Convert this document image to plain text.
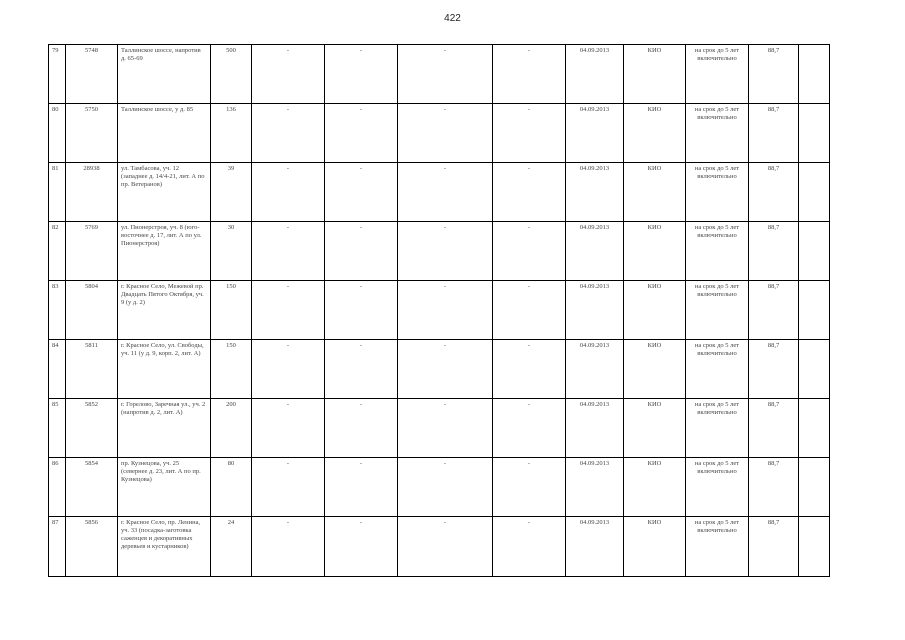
422
79	5748	Таллинское шоссе, напротив д. 65-69	500	-	-	-	-	04.09.2013	КИО	на срок до 5 лет включительно	88,7	
80	5750	Таллинское шоссе, у д. 85	136	-	-	-	-	04.09.2013	КИО	на срок до 5 лет включительно	88,7	
81	28938	ул. Тамбасова, уч. 12 (западнее д. 14/4-21, лит. А по пр. Ветеранов)	39	-	-	-	-	04.09.2013	КИО	на срок до 5 лет включительно	88,7	
82	5769	ул. Пионерстроя, уч. 8 (юго-восточнее д. 17, лит. А по ул. Пионерстроя)	30	-	-	-	-	04.09.2013	КИО	на срок до 5 лет включительно	88,7	
83	5804	г. Красное Село, Межевой пр. Двадцать Пятого Октября, уч. 9 (у д. 2)	150	-	-	-	-	04.09.2013	КИО	на срок до 5 лет включительно	88,7	
84	5811	г. Красное Село, ул. Свободы, уч. 11 (у д. 9, корп. 2, лит. А)	150	-	-	-	-	04.09.2013	КИО	на срок до 5 лет включительно	88,7	
85	5852	г. Горелово, Заречная ул., уч. 2 (напротив д. 2, лит. А)	200	-	-	-	-	04.09.2013	КИО	на срок до 5 лет включительно	88,7	
86	5854	пр. Кузнецова, уч. 25 (севернее д. 23, лит. А по пр. Кузнецова)	80	-	-	-	-	04.09.2013	КИО	на срок до 5 лет включительно	88,7	
87	5856	г. Красное Село, пр. Ленина, уч. 33 (посадка-заготовка саженцев и декоративных деревьев и кустарников)	24	-	-	-	-	04.09.2013	КИО	на срок до 5 лет включительно	88,7	
